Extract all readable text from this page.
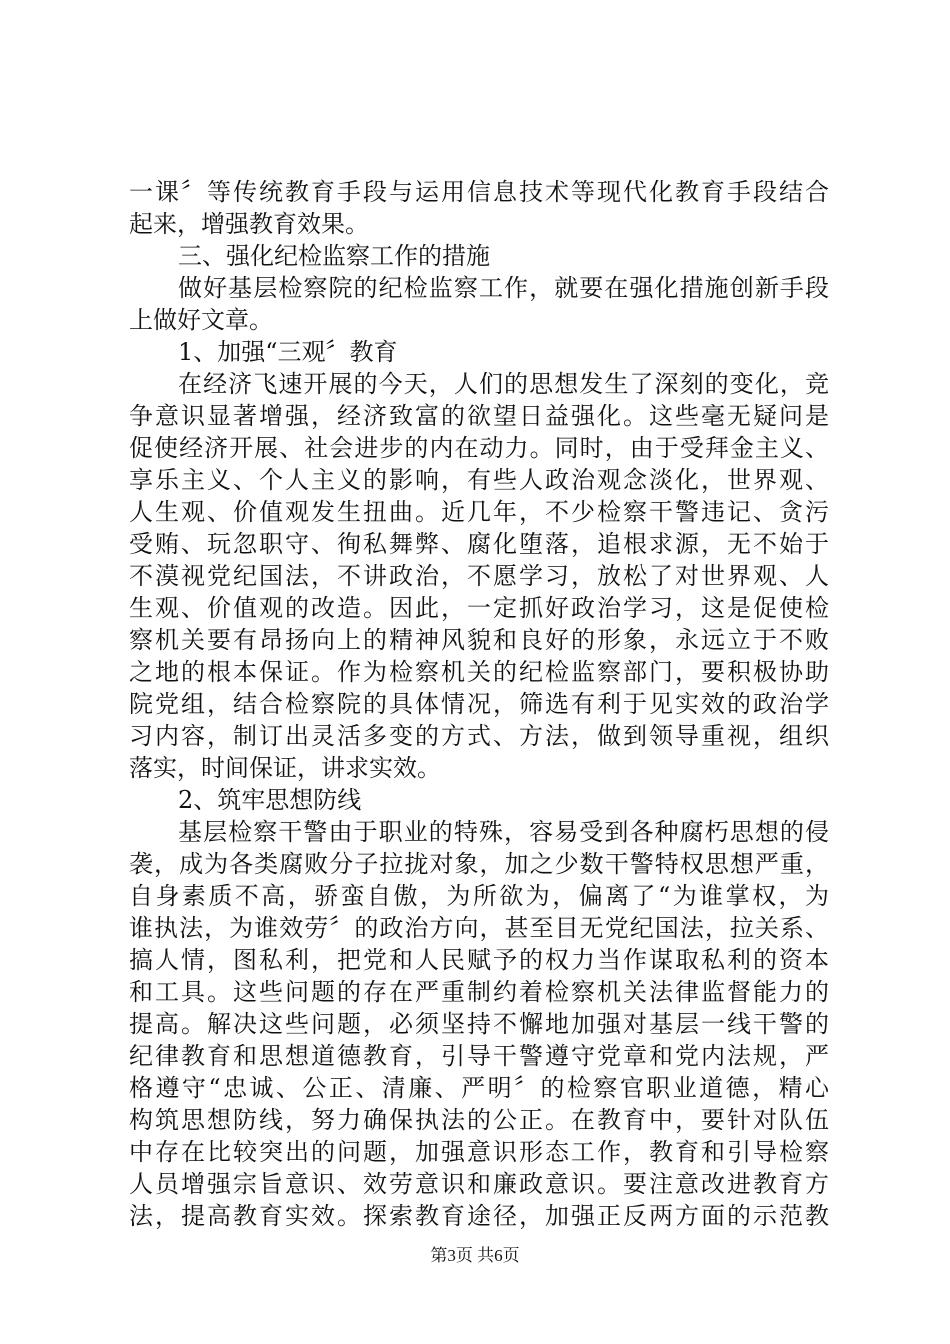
一课〞等传统教育手段与运用信息技术等现代化教育手段结合
起来，增强教育效果。
三、强化纪检监察工作的措施
做好基层检察院的纪检监察工作，就要在强化措施创新手段
上做好文章。
1、加强“三观〞教育
在经济飞速开展的今天，人们的思想发生了深刻的变化，竞
争意识显著增强，经济致富的欲望日益强化。这些毫无疑问是
促使经济开展、社会进步的内在动力。同时，由于受拜金主义、
享乐主义、个人主义的影响，有些人政治观念淡化，世界观、
人生观、价值观发生扭曲。近几年，不少检察干警违记、贪污
受贿、玩忽职守、徇私舞弊、腐化堕落，追根求源，无不始于
不漠视党纪国法，不讲政治，不愿学习，放松了对世界观、人
生观、价值观的改造。因此，一定抓好政治学习，这是促使检
察机关要有昂扬向上的精神风貌和良好的形象，永远立于不败
之地的根本保证。作为检察机关的纪检监察部门，要积极协助
院党组，结合检察院的具体情况，筛选有利于见实效的政治学
习内容，制订出灵活多变的方式、方法，做到领导重视，组织
落实，时间保证，讲求实效。
2、筑牢思想防线
基层检察干警由于职业的特殊，容易受到各种腐朽思想的侵
袭，成为各类腐败分子拉拢对象，加之少数干警特权思想严重，
自身素质不高，骄蛮自傲，为所欲为，偏离了“为谁掌权，为
谁执法，为谁效劳〞的政治方向，甚至目无党纪国法，拉关系、
搞人情，图私利，把党和人民赋予的权力当作谋取私利的资本
和工具。这些问题的存在严重制约着检察机关法律监督能力的
提高。解决这些问题，必须坚持不懈地加强对基层一线干警的
纪律教育和思想道德教育，引导干警遵守党章和党内法规，严
格遵守“忠诚、公正、清廉、严明〞的检察官职业道德，精心
构筑思想防线，努力确保执法的公正。在教育中，要针对队伍
中存在比较突出的问题，加强意识形态工作，教育和引导检察
人员增强宗旨意识、效劳意识和廉政意识。要注意改进教育方
法，提高教育实效。探索教育途径，加强正反两方面的示范教
第3页 共6页
